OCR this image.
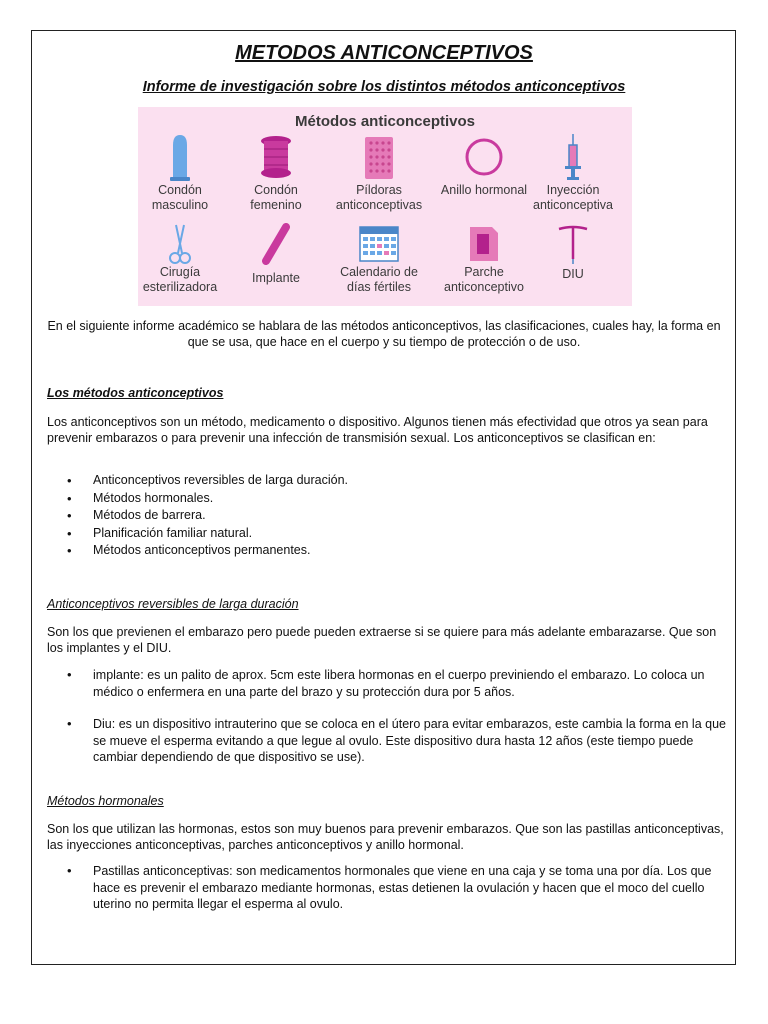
METODOS ANTICONCEPTIVOS
Informe de investigación sobre los distintos métodos anticonceptivos
Métodos anticonceptivos
Condón masculino
Condón femenino
Píldoras anticonceptivas
Anillo hormonal	Inyección anticonceptiva
Cirugía esterilizadora
Implante	Calendario de días fértiles
Parche anticonceptivo
DIU
En el siguiente informe académico se hablara de las métodos anticonceptivos, las clasificaciones, cuales hay, la forma en que se usa, que hace en el cuerpo y su tiempo de protección o de uso.
Los métodos anticonceptivos
Los anticonceptivos son un método, medicamento o dispositivo. Algunos tienen más efectividad que otros ya sean para prevenir embarazos o para prevenir una infección de transmisión sexual. Los anticonceptivos se clasifican en:
• Anticonceptivos reversibles de larga duración.
• Métodos hormonales.
• Métodos de barrera.
• Planificación familiar natural.
• Métodos anticonceptivos permanentes.
Anticonceptivos reversibles de larga duración
Son los que previenen el embarazo pero puede pueden extraerse si se quiere para más adelante embarazarse. Que son los implantes y el DIU.
• implante: es un palito de aprox. 5cm este libera hormonas en el cuerpo previniendo el embarazo. Lo coloca un médico o enfermera en una parte del brazo y su protección dura por 5 años.
• Diu: es un dispositivo intrauterino que se coloca en el útero para evitar embarazos, este cambia la forma en la que se mueve el esperma evitando a que legue al ovulo. Este dispositivo dura hasta 12 años (este tiempo puede cambiar dependiendo de que dispositivo se use).
Métodos hormonales
Son los que utilizan las hormonas, estos son muy buenos para prevenir embarazos. Que son las pastillas anticonceptivas, las inyecciones anticonceptivas, parches anticonceptivos y anillo hormonal.
• Pastillas anticonceptivas: son medicamentos hormonales que viene en una caja y se toma una por día. Los que hace es prevenir el embarazo mediante hormonas, estas detienen la ovulación y hacen que el moco del cuello uterino no permita llegar el esperma al ovulo.
